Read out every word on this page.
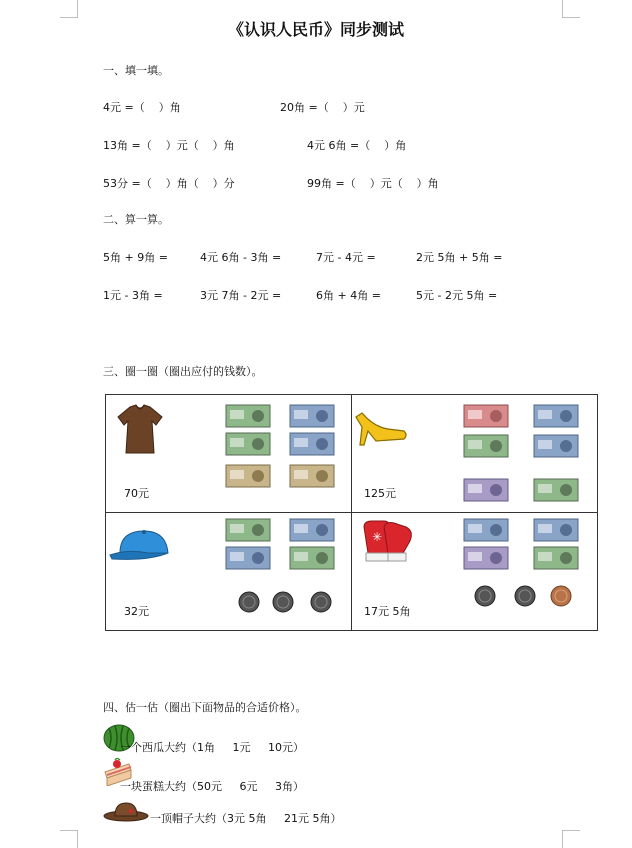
《认识人民币》同步测试
一、填一填。
4元 =（    ）角	20角 =（    ）元
13角 =（    ）元（    ）角	4元 6角 =（    ）角
53分 =（    ）角（    ）分	99角 =（    ）元（    ）角
二、算一算。
5角 + 9角 =	4元 6角 - 3角 =	7元 - 4元 =	2元 5角 + 5角 =
1元 - 3角 =	3元 7角 - 2元 =	6角 + 4角 =	5元 - 2元 5角 =
三、圈一圈（圈出应付的钱数）。
70元	125元
32元
✳
17元 5角
四、估一估（圈出下面物品的合适价格）。
一个西瓜大约（1角     1元     10元）
一块蛋糕大约（50元     6元     3角）
一顶帽子大约（3元 5角     21元 5角）
